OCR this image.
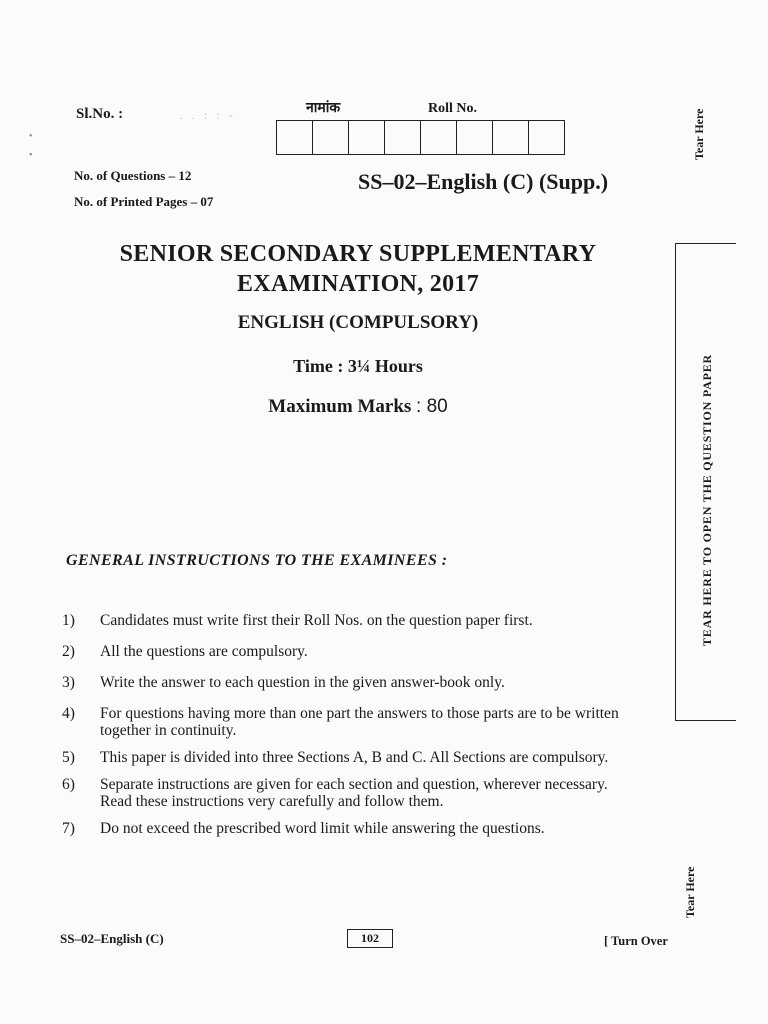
Sl.No. :	. . : : -	नामांक	Roll No.
No. of Questions – 12
No. of Printed Pages – 07
SS–02–English (C) (Supp.)
SENIOR SECONDARY SUPPLEMENTARY
EXAMINATION, 2017
ENGLISH (COMPULSORY)
Time : 3¼ Hours
Maximum Marks : 80
GENERAL INSTRUCTIONS TO THE EXAMINEES :
1)	Candidates must write first their Roll Nos. on the question paper first.
2)	All the questions are compulsory.
3)	Write the answer to each question in the given answer-book only.
4)	For questions having more than one part the answers to those parts are to be written together in continuity.
5)	This paper is divided into three Sections A, B and C. All Sections are compulsory.
6)	Separate instructions are given for each section and question, wherever necessary. Read these instructions very carefully and follow them.
7)	Do not exceed the prescribed word limit while answering the questions.
Tear Here
TEAR HERE TO OPEN THE QUESTION PAPER
Tear Here
SS–02–English (C)	102	[ Turn Over
•
•
